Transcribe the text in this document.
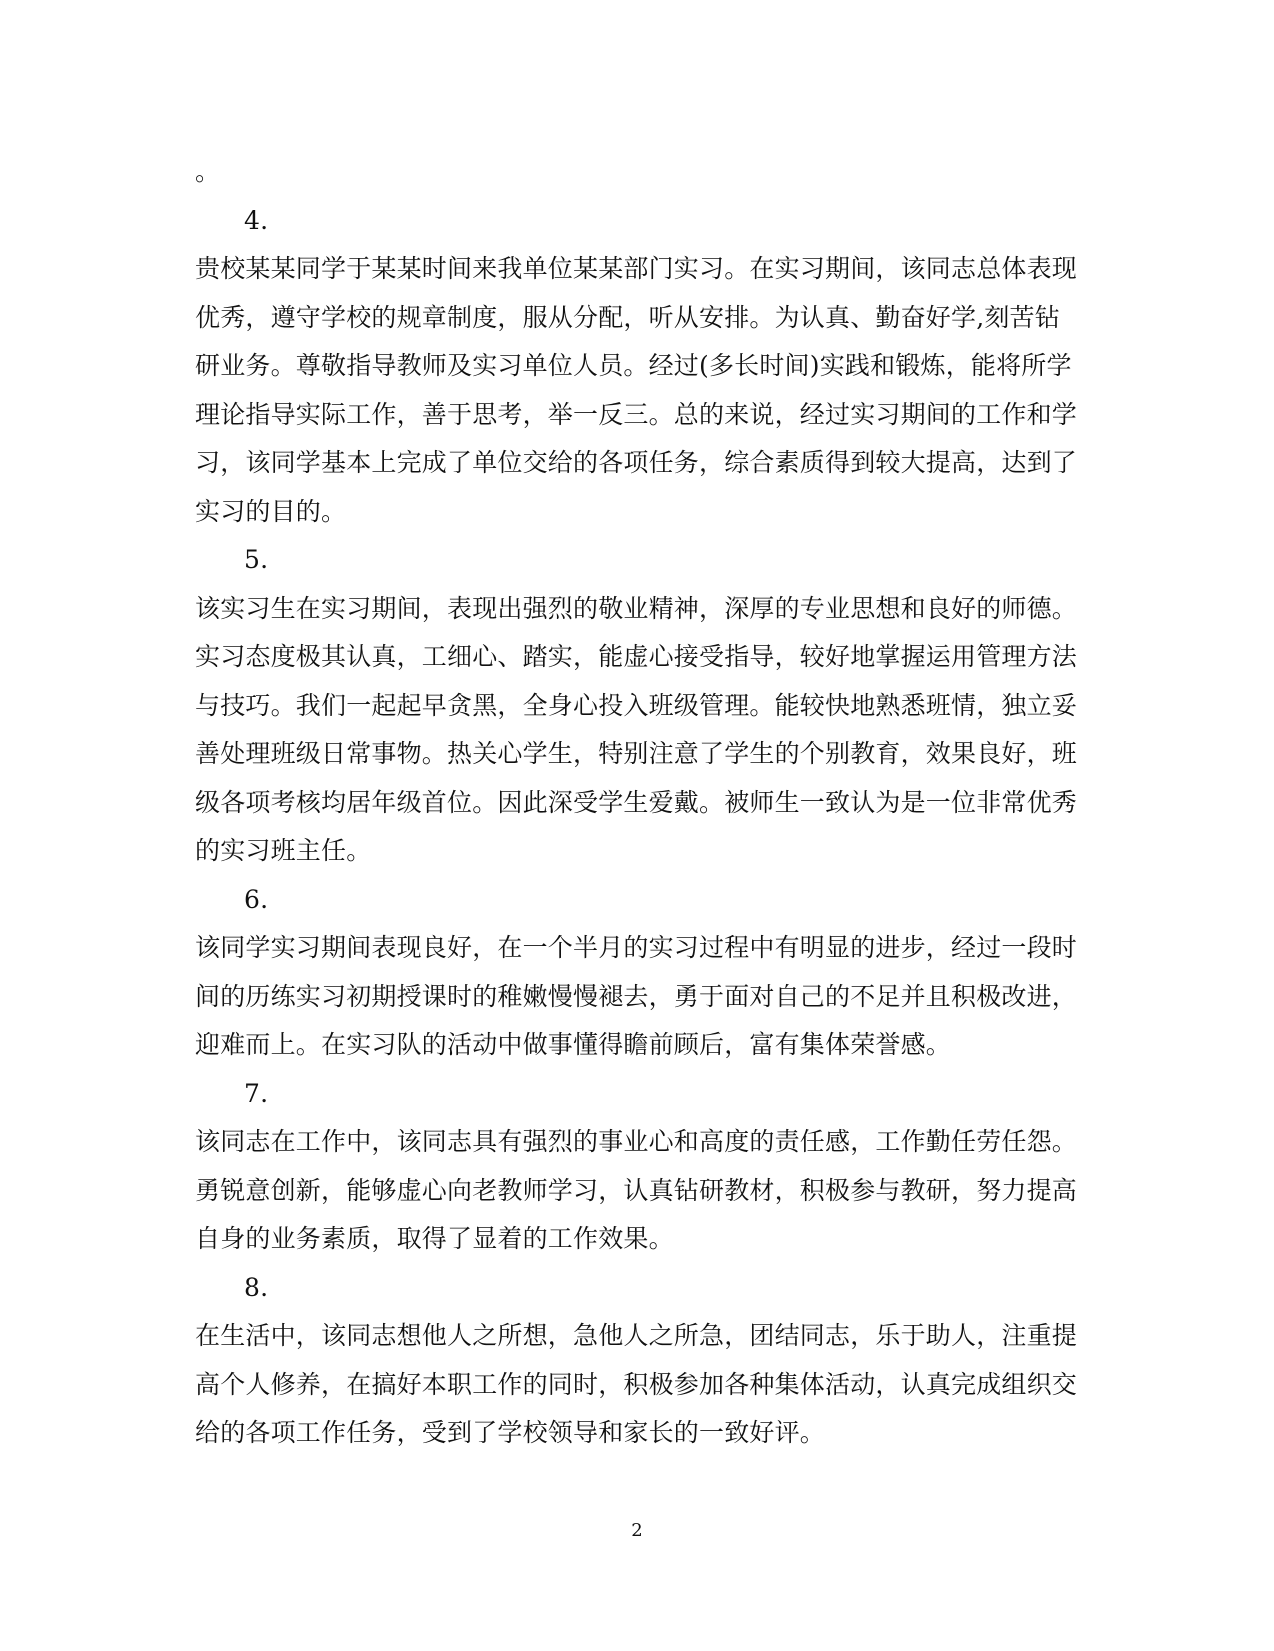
。
4.
贵校某某同学于某某时间来我单位某某部门实习。在实习期间，该同志总体表现
优秀，遵守学校的规章制度，服从分配，听从安排。为认真、勤奋好学,刻苦钻
研业务。尊敬指导教师及实习单位人员。经过(多长时间)实践和锻炼，能将所学
理论指导实际工作，善于思考，举一反三。总的来说，经过实习期间的工作和学
习，该同学基本上完成了单位交给的各项任务，综合素质得到较大提高，达到了
实习的目的。
5.
该实习生在实习期间，表现出强烈的敬业精神，深厚的专业思想和良好的师德。
实习态度极其认真，工细心、踏实，能虚心接受指导，较好地掌握运用管理方法
与技巧。我们一起起早贪黑，全身心投入班级管理。能较快地熟悉班情，独立妥
善处理班级日常事物。热关心学生，特别注意了学生的个别教育，效果良好，班
级各项考核均居年级首位。因此深受学生爱戴。被师生一致认为是一位非常优秀
的实习班主任。
6.
该同学实习期间表现良好，在一个半月的实习过程中有明显的进步，经过一段时
间的历练实习初期授课时的稚嫩慢慢褪去，勇于面对自己的不足并且积极改进，
迎难而上。在实习队的活动中做事懂得瞻前顾后，富有集体荣誉感。
7.
该同志在工作中，该同志具有强烈的事业心和高度的责任感，工作勤任劳任怨。
勇锐意创新，能够虚心向老教师学习，认真钻研教材，积极参与教研，努力提高
自身的业务素质，取得了显着的工作效果。
8.
在生活中，该同志想他人之所想，急他人之所急，团结同志，乐于助人，注重提
高个人修养，在搞好本职工作的同时，积极参加各种集体活动，认真完成组织交
给的各项工作任务，受到了学校领导和家长的一致好评。
2
